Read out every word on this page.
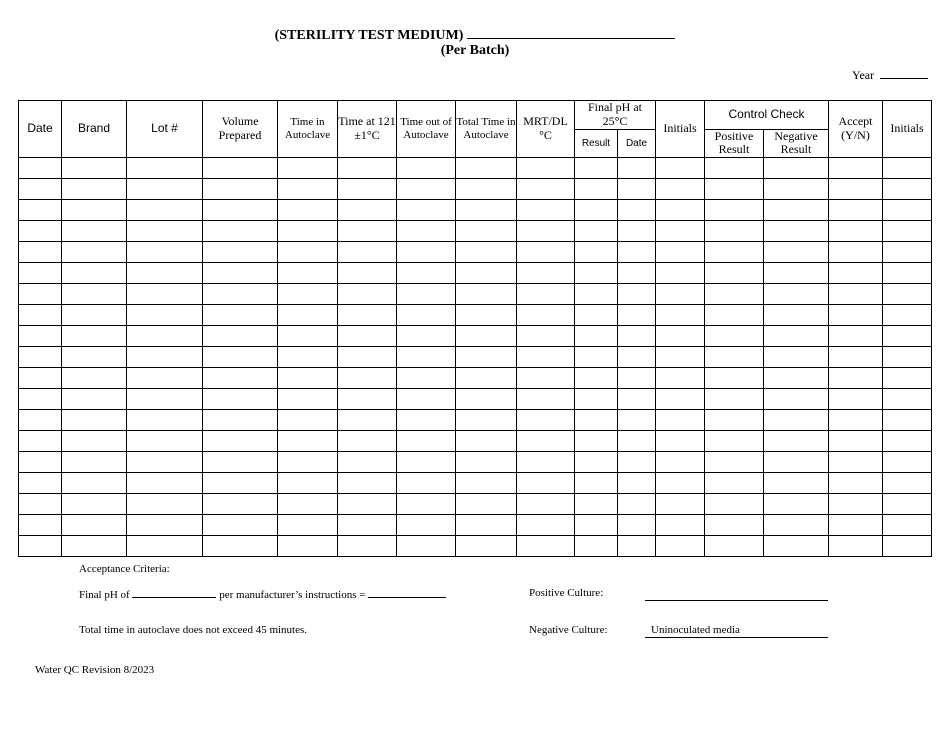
(STERILITY TEST MEDIUM)
(Per Batch)
Year
Date	Brand	Lot #	Volume Prepared	Time in Autoclave	Time at 121 ±1°C	Time out of Autoclave	Total Time in Autoclave	MRT/DL °C	Final pH at 25°C		Initials	Control Check		Accept (Y/N)	Initials
									Result	Date		Positive Result	Negative Result		

Acceptance Criteria:
Final pH of	per manufacturer’s instructions =
Total time in autoclave does not exceed 45 minutes.
Positive Culture:
Negative Culture:	Uninoculated media
Water QC Revision 8/2023
